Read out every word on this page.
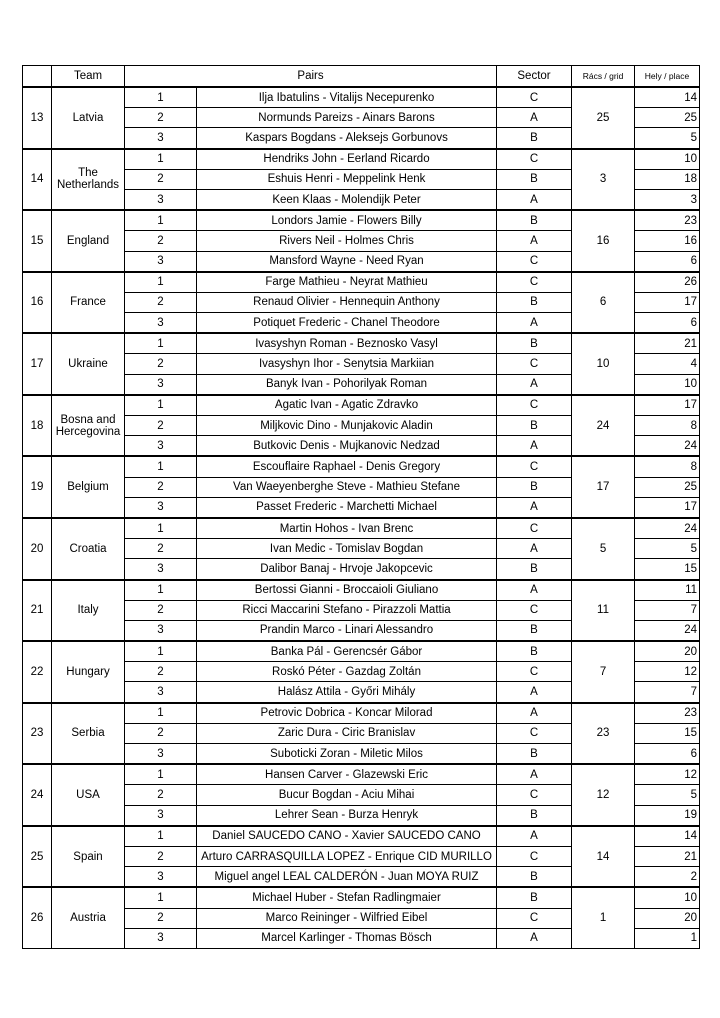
	Team	Pairs		Sector	Rács / grid	Hely / place
13	Latvia	1	Ilja Ibatulins - Vitalijs Necepurenko	C	25	14
		2	Normunds Pareizs - Ainars Barons	A		25
		3	Kaspars Bogdans - Aleksejs Gorbunovs	B		5
14	The Netherlands	1	Hendriks John - Eerland Ricardo	C	3	10
		2	Eshuis Henri - Meppelink Henk	B		18
		3	Keen Klaas - Molendijk Peter	A		3
15	England	1	Londors Jamie - Flowers Billy	B	16	23
		2	Rivers Neil - Holmes Chris	A		16
		3	Mansford Wayne - Need Ryan	C		6
16	France	1	Farge Mathieu - Neyrat Mathieu	C	6	26
		2	Renaud Olivier - Hennequin Anthony	B		17
		3	Potiquet Frederic - Chanel Theodore	A		6
17	Ukraine	1	Ivasyshyn Roman - Beznosko Vasyl	B	10	21
		2	Ivasyshyn Ihor - Senytsia Markiian	C		4
		3	Banyk Ivan - Pohorilyak Roman	A		10
18	Bosna and Hercegovina	1	Agatic Ivan - Agatic Zdravko	C	24	17
		2	Miljkovic Dino - Munjakovic Aladin	B		8
		3	Butkovic Denis - Mujkanovic Nedzad	A		24
19	Belgium	1	Escouflaire Raphael - Denis Gregory	C	17	8
		2	Van Waeyenberghe Steve - Mathieu Stefane	B		25
		3	Passet Frederic - Marchetti Michael	A		17
20	Croatia	1	Martin Hohos - Ivan Brenc	C	5	24
		2	Ivan Medic - Tomislav Bogdan	A		5
		3	Dalibor Banaj - Hrvoje Jakopcevic	B		15
21	Italy	1	Bertossi Gianni - Broccaioli Giuliano	A	11	11
		2	Ricci Maccarini Stefano - Pirazzoli Mattia	C		7
		3	Prandin Marco - Linari Alessandro	B		24
22	Hungary	1	Banka Pál - Gerencsér Gábor	B	7	20
		2	Roskó Péter - Gazdag Zoltán	C		12
		3	Halász Attila - Győri Mihály	A		7
23	Serbia	1	Petrovic Dobrica - Koncar Milorad	A	23	23
		2	Zaric Dura - Ciric Branislav	C		15
		3	Suboticki Zoran - Miletic Milos	B		6
24	USA	1	Hansen Carver - Glazewski Eric	A	12	12
		2	Bucur Bogdan - Aciu Mihai	C		5
		3	Lehrer Sean - Burza Henryk	B		19
25	Spain	1	Daniel SAUCEDO CANO - Xavier SAUCEDO CANO	A	14	14
		2	Arturo CARRASQUILLA LOPEZ - Enrique CID MURILLO	C		21
		3	Miguel angel LEAL CALDERÓN - Juan MOYA RUIZ	B		2
26	Austria	1	Michael Huber - Stefan Radlingmaier	B	1	10
		2	Marco Reininger - Wilfried Eibel	C		20
		3	Marcel Karlinger - Thomas Bösch	A		1
